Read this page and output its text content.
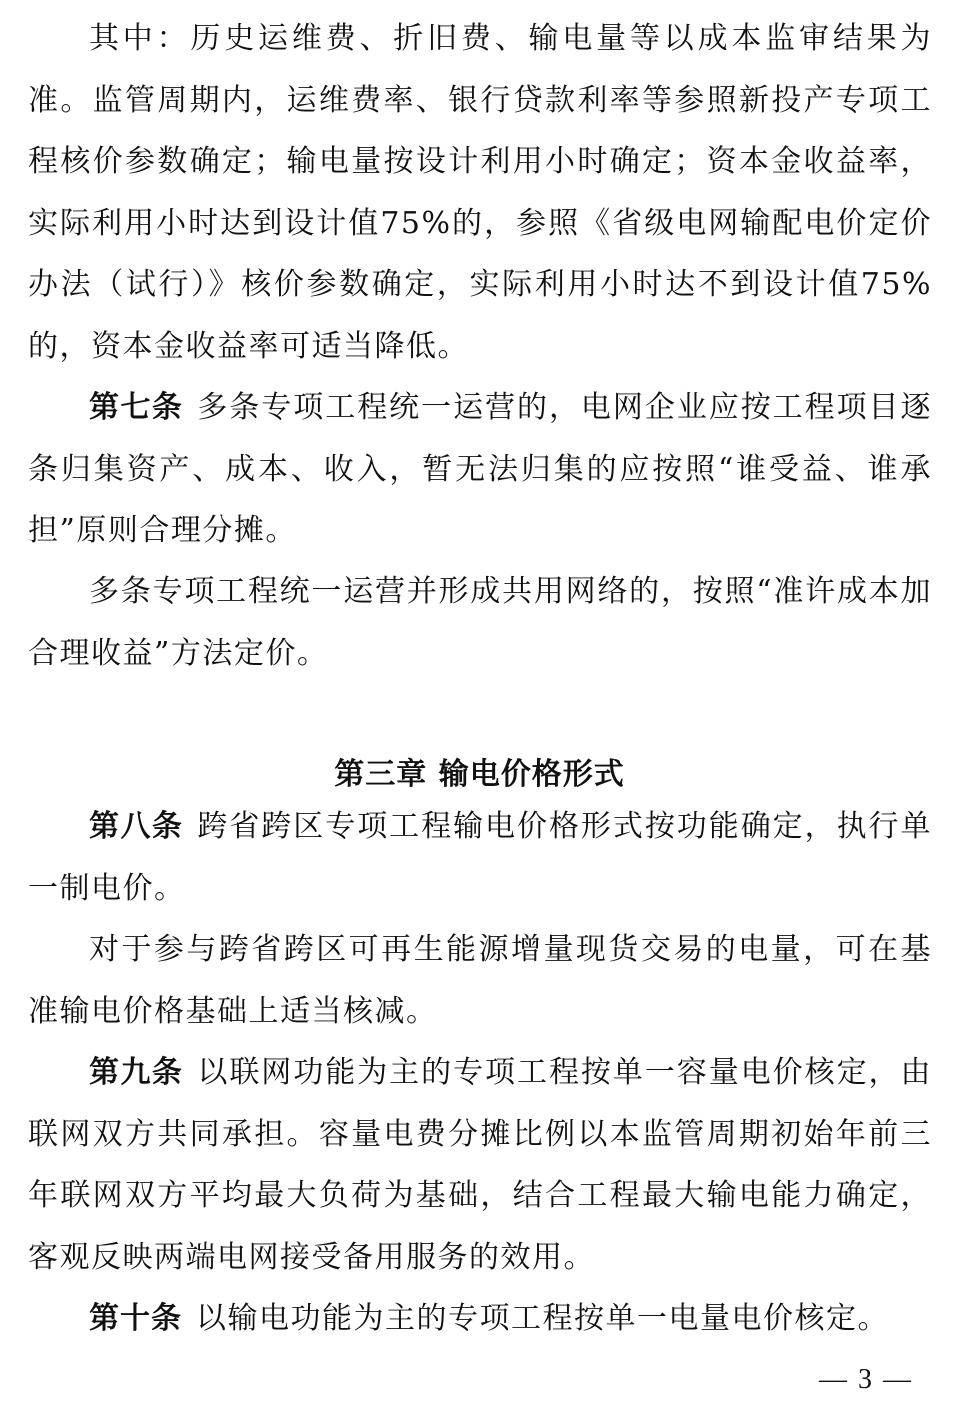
其中：历史运维费、折旧费、输电量等以成本监审结果为准。监管周期内，运维费率、银行贷款利率等参照新投产专项工程核价参数确定；输电量按设计利用小时确定；资本金收益率，实际利用小时达到设计值75%的，参照《省级电网输配电价定价办法（试行）》核价参数确定，实际利用小时达不到设计值75%的，资本金收益率可适当降低。

第七条 多条专项工程统一运营的，电网企业应按工程项目逐条归集资产、成本、收入，暂无法归集的应按照“谁受益、谁承担”原则合理分摊。

多条专项工程统一运营并形成共用网络的，按照“准许成本加合理收益”方法定价。

第三章 输电价格形式

第八条 跨省跨区专项工程输电价格形式按功能确定，执行单一制电价。

对于参与跨省跨区可再生能源增量现货交易的电量，可在基准输电价格基础上适当核减。

第九条 以联网功能为主的专项工程按单一容量电价核定，由联网双方共同承担。容量电费分摊比例以本监管周期初始年前三年联网双方平均最大负荷为基础，结合工程最大输电能力确定，客观反映两端电网接受备用服务的效用。

第十条 以输电功能为主的专项工程按单一电量电价核定。

— 3 —
